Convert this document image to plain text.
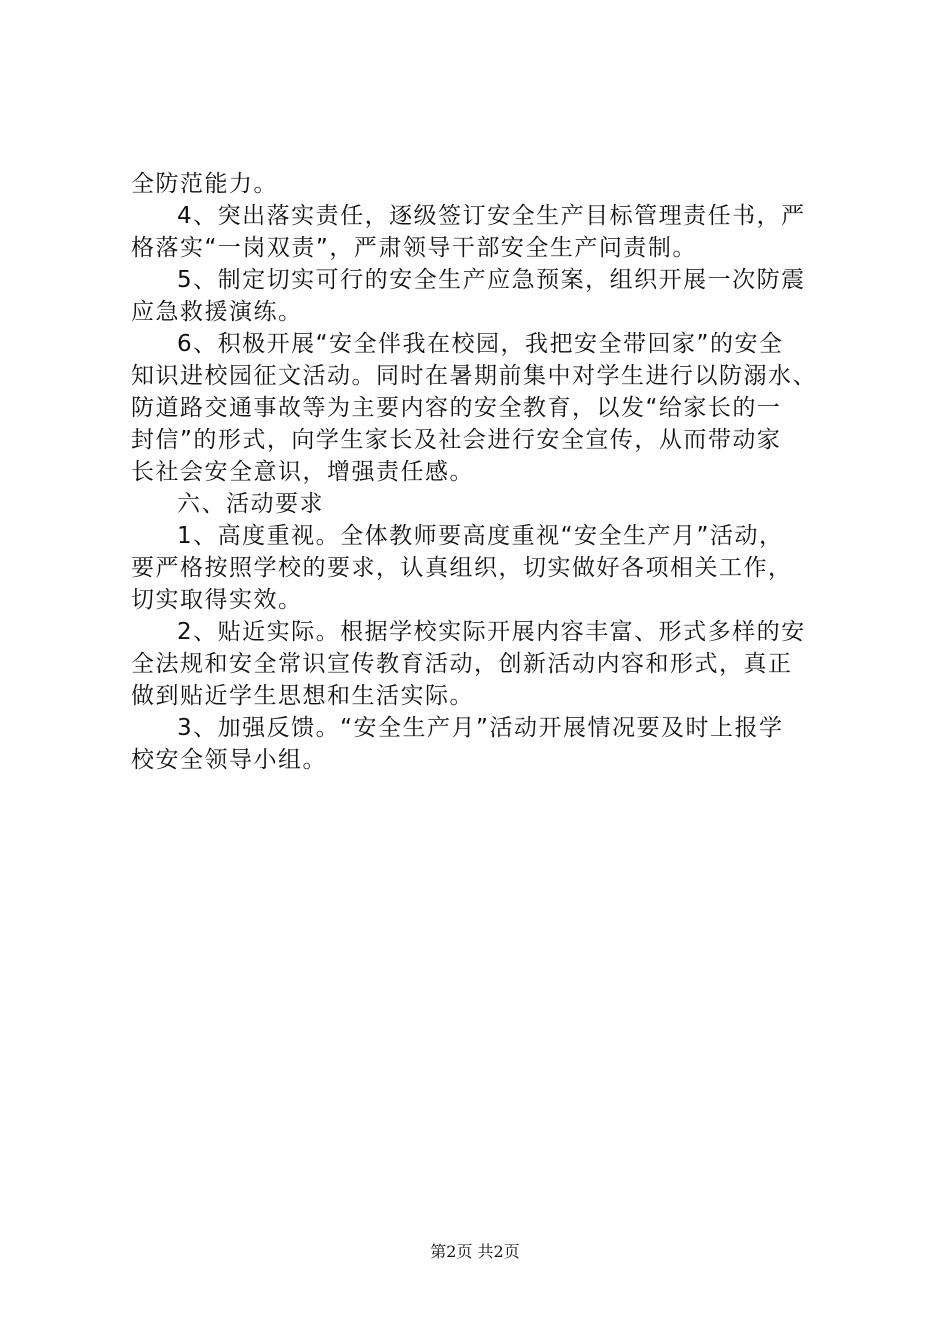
全防范能力。
4、突出落实责任，逐级签订安全生产目标管理责任书，严
格落实“一岗双责”，严肃领导干部安全生产问责制。
5、制定切实可行的安全生产应急预案，组织开展一次防震
应急救援演练。
6、积极开展“安全伴我在校园，我把安全带回家”的安全
知识进校园征文活动。同时在暑期前集中对学生进行以防溺水、
防道路交通事故等为主要内容的安全教育，以发“给家长的一
封信”的形式，向学生家长及社会进行安全宣传，从而带动家
长社会安全意识，增强责任感。
六、活动要求
1、高度重视。全体教师要高度重视“安全生产月”活动，
要严格按照学校的要求，认真组织，切实做好各项相关工作，
切实取得实效。
2、贴近实际。根据学校实际开展内容丰富、形式多样的安
全法规和安全常识宣传教育活动，创新活动内容和形式，真正
做到贴近学生思想和生活实际。
3、加强反馈。“安全生产月”活动开展情况要及时上报学
校安全领导小组。
第2页 共2页
